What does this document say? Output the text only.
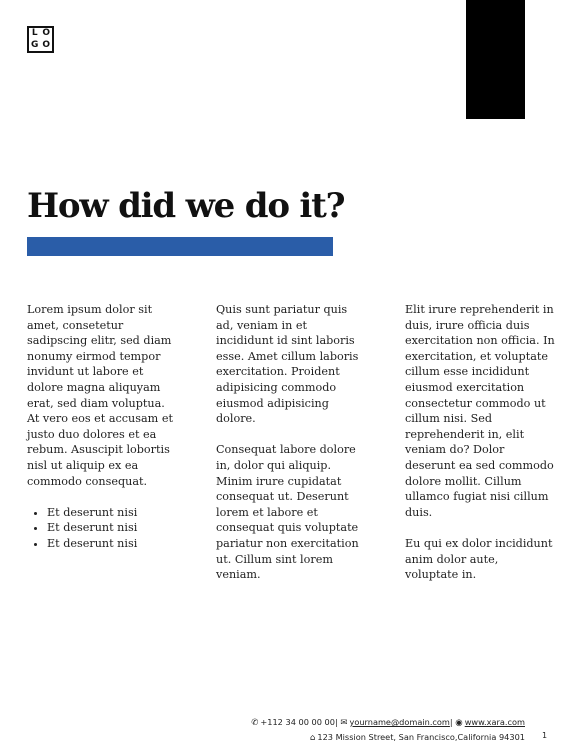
L O
G O
How did we do it?

Lorem ipsum dolor sit amet, consetetur sadipscing elitr, sed diam nonumy eirmod tempor invidunt ut labore et dolore magna aliquyam erat, sed diam voluptua. At vero eos et accusam et justo duo dolores et ea rebum. Asuscipit lobortis nisl ut aliquip ex ea commodo consequat.

• Et deserunt nisi
• Et deserunt nisi
• Et deserunt nisi

Quis sunt pariatur quis ad, veniam in et incididunt id sint laboris esse. Amet cillum laboris exercitation. Proident adipisicing commodo eiusmod adipisicing dolore.

Consequat labore dolore in, dolor qui aliquip. Minim irure cupidatat consequat ut. Deserunt lorem et labore et consequat quis voluptate pariatur non exercitation ut. Cillum sint lorem veniam.

Elit irure reprehenderit in duis, irure officia duis exercitation non officia. In exercitation, et voluptate cillum esse incididunt eiusmod exercitation consectetur commodo ut cillum nisi. Sed reprehenderit in, elit veniam do? Dolor deserunt ea sed commodo dolore mollit. Cillum ullamco fugiat nisi cillum duis.

Eu qui ex dolor incididunt anim dolor aute, voluptate in.

✆ +112 34 00 00 00| ✉ yourname@domain.com| ◉ www.xara.com
⌂ 123 Mission Street, San Francisco,California 94301 1
